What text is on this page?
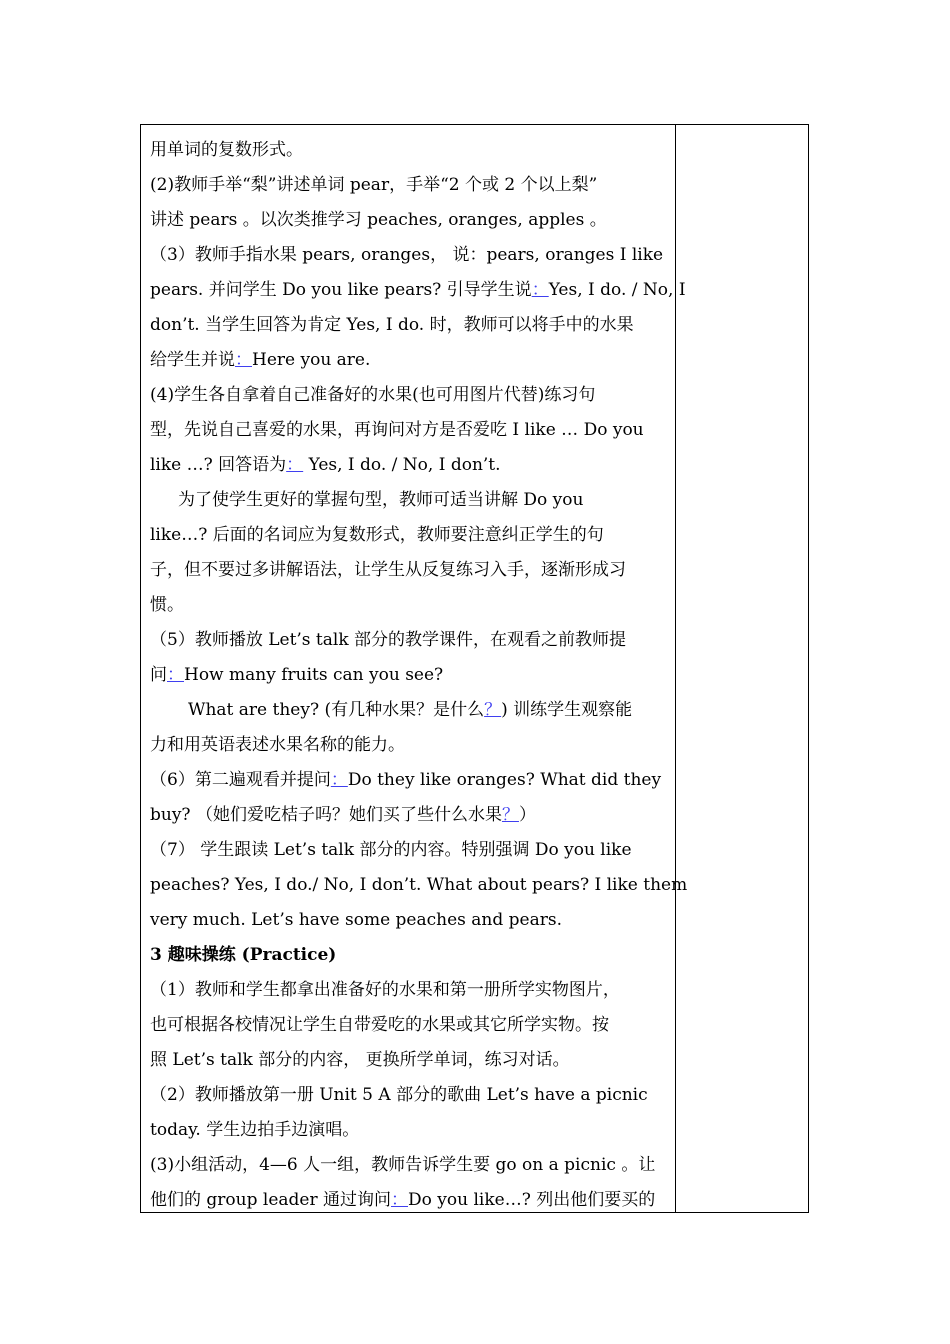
用单词的复数形式。
(2)教师手举“梨”讲述单词 pear，手举“2 个或 2 个以上梨”
讲述 pears 。以次类推学习 peaches, oranges, apples 。
（3）教师手指水果 pears, oranges， 说：pears, oranges I like
pears. 并问学生 Do you like pears? 引导学生说：Yes, I do. / No, I
don’t. 当学生回答为肯定 Yes, I do. 时，教师可以将手中的水果
给学生并说：Here you are.
(4)学生各自拿着自己准备好的水果(也可用图片代替)练习句
型，先说自己喜爱的水果，再询问对方是否爱吃 I like … Do you
like …? 回答语为： Yes, I do. / No, I don’t.
为了使学生更好的掌握句型，教师可适当讲解 Do you
like…? 后面的名词应为复数形式，教师要注意纠正学生的句
子，但不要过多讲解语法，让学生从反复练习入手，逐渐形成习
惯。
（5）教师播放 Let’s talk 部分的教学课件，在观看之前教师提
问：How many fruits can you see?
What are they? (有几种水果？是什么？) 训练学生观察能
力和用英语表述水果名称的能力。
（6）第二遍观看并提问：Do they like oranges? What did they
buy? （她们爱吃桔子吗？她们买了些什么水果？）
（7） 学生跟读 Let’s talk 部分的内容。特别强调 Do you like
peaches? Yes, I do./ No, I don’t. What about pears? I like them
very much. Let’s have some peaches and pears.
3 趣味操练 (Practice)
（1）教师和学生都拿出准备好的水果和第一册所学实物图片，
也可根据各校情况让学生自带爱吃的水果或其它所学实物。按
照 Let’s talk 部分的内容， 更换所学单词，练习对话。
（2）教师播放第一册 Unit 5 A 部分的歌曲 Let’s have a picnic
today. 学生边拍手边演唱。
(3)小组活动，4—6 人一组，教师告诉学生要 go on a picnic 。让
他们的 group leader 通过询问：Do you like…? 列出他们要买的
